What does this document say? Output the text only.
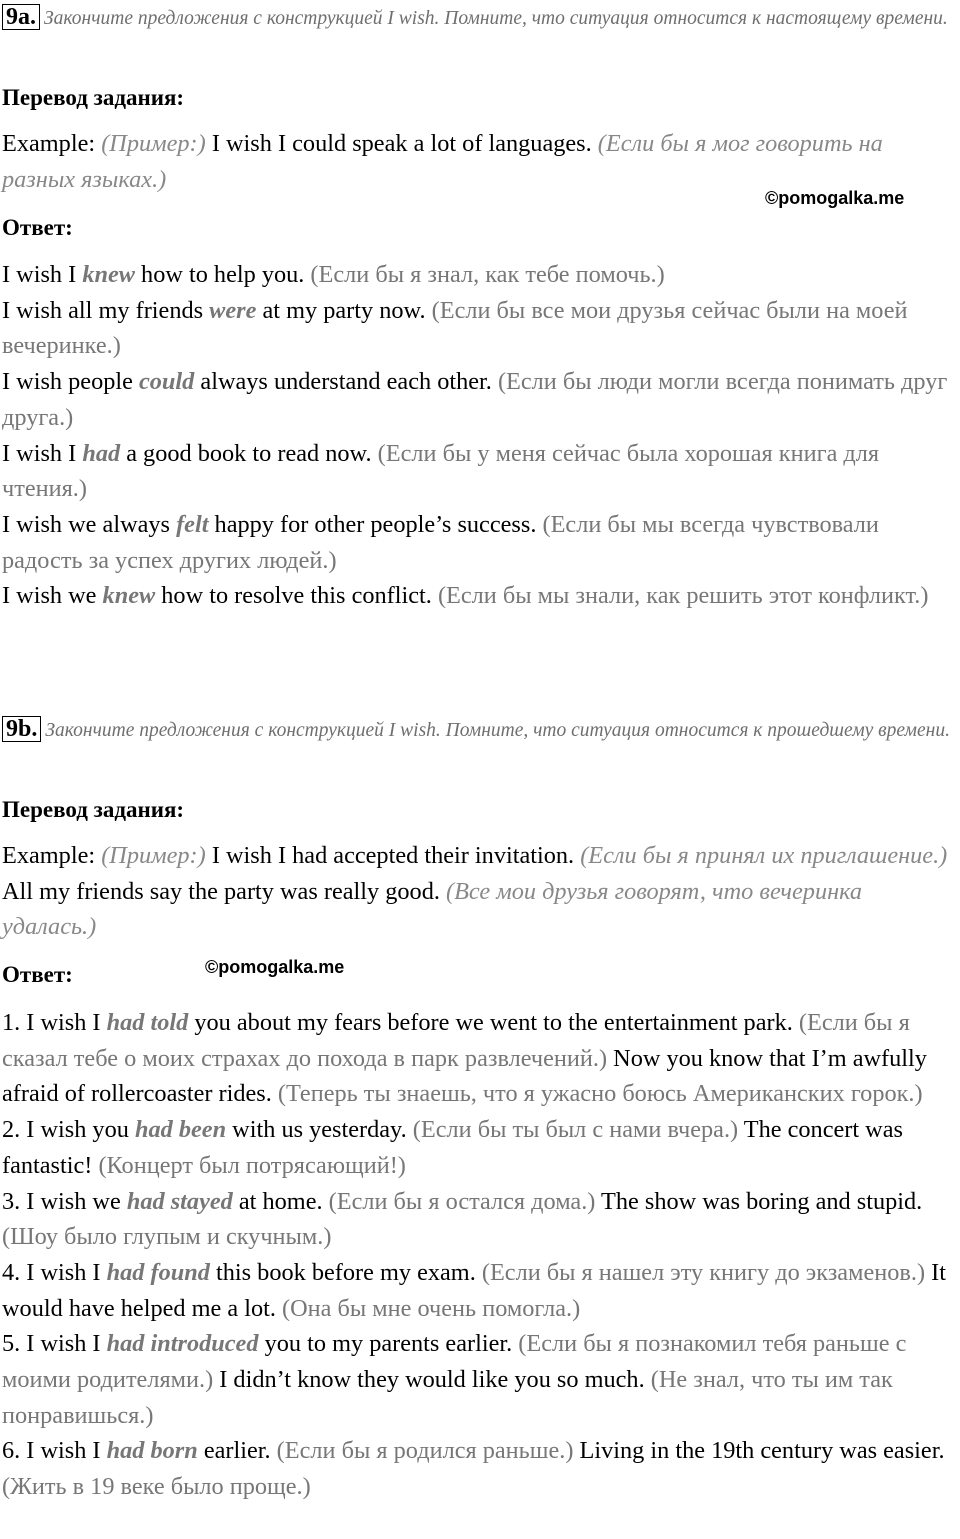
9a. Закончите предложения с конструкцией I wish. Помните, что ситуация относится к настоящему времени.
Перевод задания:
Example: (Пример:) I wish I could speak a lot of languages. (Если бы я мог говорить на разных языках.)
©pomogalka.me
Ответ:
I wish I knew how to help you. (Если бы я знал, как тебе помочь.)
I wish all my friends were at my party now. (Если бы все мои друзья сейчас были на моей вечеринке.)
I wish people could always understand each other. (Если бы люди могли всегда понимать друг друга.)
I wish I had a good book to read now. (Если бы у меня сейчас была хорошая книга для чтения.)
I wish we always felt happy for other people’s success. (Если бы мы всегда чувствовали радость за успех других людей.)
I wish we knew how to resolve this conflict. (Если бы мы знали, как решить этот конфликт.)
9b. Закончите предложения с конструкцией I wish. Помните, что ситуация относится к прошедшему времени.
Перевод задания:
Example: (Пример:) I wish I had accepted their invitation. (Если бы я принял их приглашение.) All my friends say the party was really good. (Все мои друзья говорят, что вечеринка удалась.)
Ответ:	©pomogalka.me
1. I wish I had told you about my fears before we went to the entertainment park. (Если бы я сказал тебе о моих страхах до похода в парк развлечений.) Now you know that I’m awfully afraid of rollercoaster rides. (Теперь ты знаешь, что я ужасно боюсь Американских горок.)
2. I wish you had been with us yesterday. (Если бы ты был с нами вчера.) The concert was fantastic! (Концерт был потрясающий!)
3. I wish we had stayed at home. (Если бы я остался дома.) The show was boring and stupid. (Шоу было глупым и скучным.)
4. I wish I had found this book before my exam. (Если бы я нашел эту книгу до экзаменов.) It would have helped me a lot. (Она бы мне очень помогла.)
5. I wish I had introduced you to my parents earlier. (Если бы я познакомил тебя раньше с моими родителями.) I didn’t know they would like you so much. (Не знал, что ты им так понравишься.)
6. I wish I had born earlier. (Если бы я родился раньше.) Living in the 19th century was easier. (Жить в 19 веке было проще.)
